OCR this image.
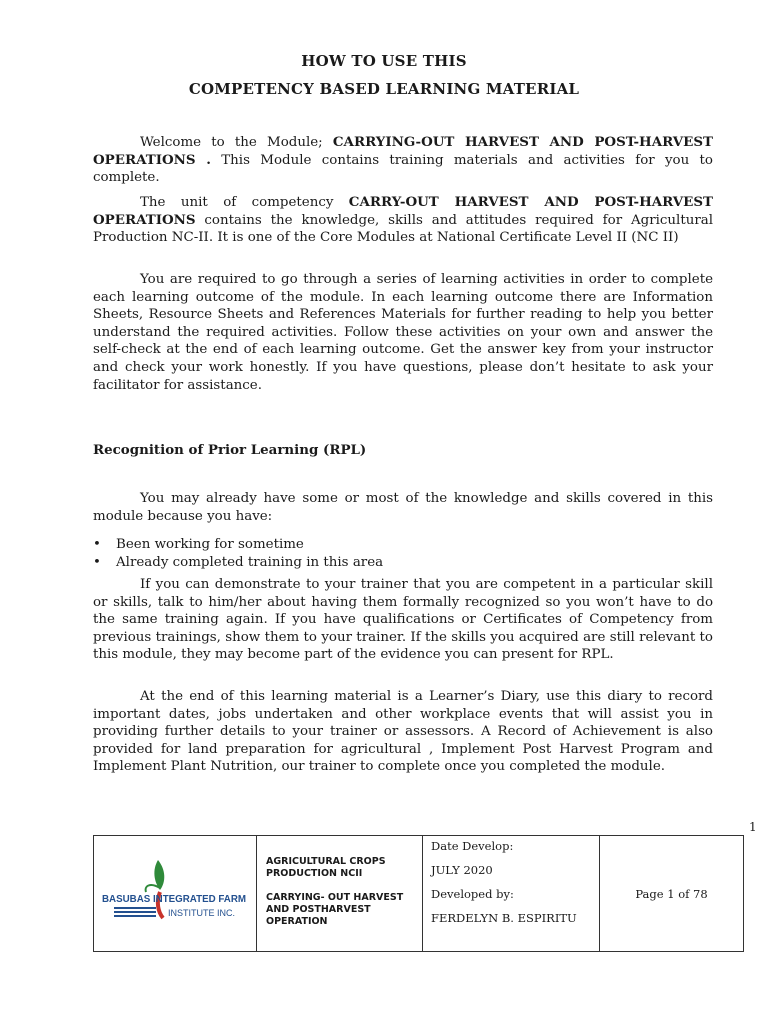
HOW TO USE THIS
COMPETENCY BASED LEARNING MATERIAL

Welcome to the Module; CARRYING-OUT HARVEST AND POST-HARVEST OPERATIONS . This Module contains training materials and activities for you to complete.

The unit of competency CARRY-OUT HARVEST AND POST-HARVEST OPERATIONS contains the knowledge, skills and attitudes required for Agricultural Production NC-II. It is one of the Core Modules at National Certificate Level II (NC II)

You are required to go through a series of learning activities in order to complete each learning outcome of the module. In each learning outcome there are Information Sheets, Resource Sheets and References Materials for further reading to help you better understand the required activities. Follow these activities on your own and answer the self-check at the end of each learning outcome. Get the answer key from your instructor and check your work honestly. If you have questions, please don’t hesitate to ask your facilitator for assistance.

Recognition of Prior Learning (RPL)

You may already have some or most of the knowledge and skills covered in this module because you have:

• Been working for sometime
• Already completed training in this area

If you can demonstrate to your trainer that you are competent in a particular skill or skills, talk to him/her about having them formally recognized so you won’t have to do the same training again. If you have qualifications or Certificates of Competency from previous trainings, show them to your trainer. If the skills you acquired are still relevant to this module, they may become part of the evidence you can present for RPL.

At the end of this learning material is a Learner’s Diary, use this diary to record important dates, jobs undertaken and other workplace events that will assist you in providing further details to your trainer or assessors. A Record of Achievement is also provided for land preparation for agricultural , Implement Post Harvest Program and Implement Plant Nutrition, our trainer to complete once you completed the module.

1
BASUBAS INTEGRATED FARM
INSTITUTE INC.

AGRICULTURAL CROPS PRODUCTION NCII
CARRYING- OUT HARVEST AND POSTHARVEST OPERATION

Date Develop:
JULY 2020
Developed by:
FERDELYN B. ESPIRITU
	Page 1 of 78
